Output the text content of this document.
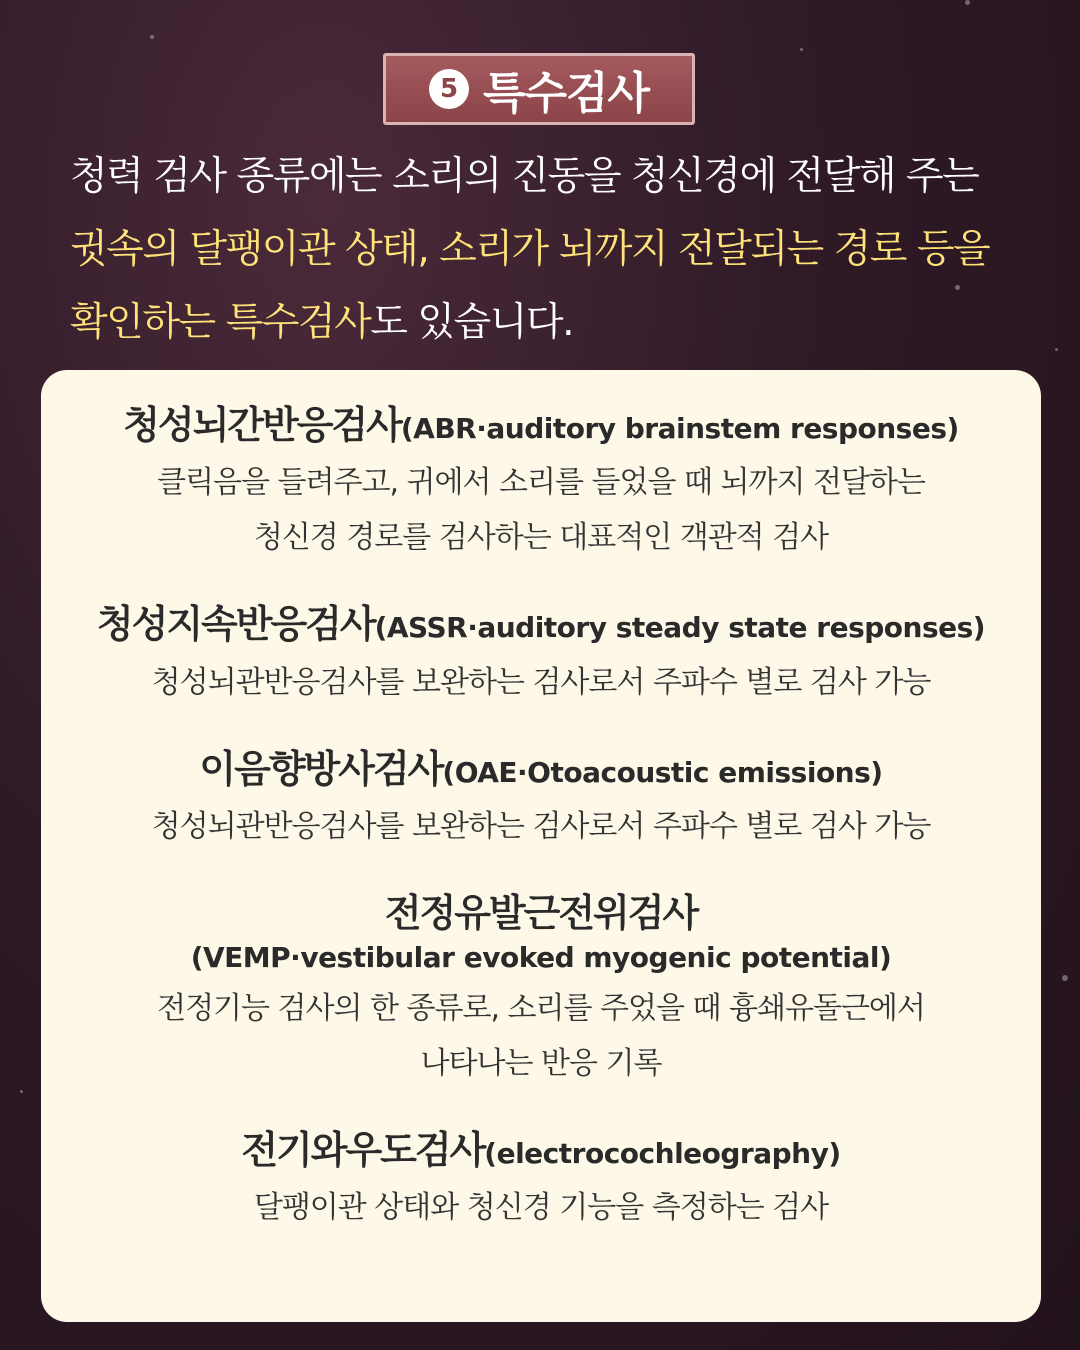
5 특수검사
청력 검사 종류에는 소리의 진동을 청신경에 전달해 주는
귓속의 달팽이관 상태, 소리가 뇌까지 전달되는 경로 등을
확인하는 특수검사도 있습니다.
청성뇌간반응검사(ABR·auditory brainstem responses)
클릭음을 들려주고, 귀에서 소리를 들었을 때 뇌까지 전달하는
청신경 경로를 검사하는 대표적인 객관적 검사
청성지속반응검사(ASSR·auditory steady state responses)
청성뇌관반응검사를 보완하는 검사로서 주파수 별로 검사 가능
이음향방사검사(OAE·Otoacoustic emissions)
청성뇌관반응검사를 보완하는 검사로서 주파수 별로 검사 가능
전정유발근전위검사
(VEMP·vestibular evoked myogenic potential)
전정기능 검사의 한 종류로, 소리를 주었을 때 흉쇄유돌근에서
나타나는 반응 기록
전기와우도검사(electrocochleography)
달팽이관 상태와 청신경 기능을 측정하는 검사
